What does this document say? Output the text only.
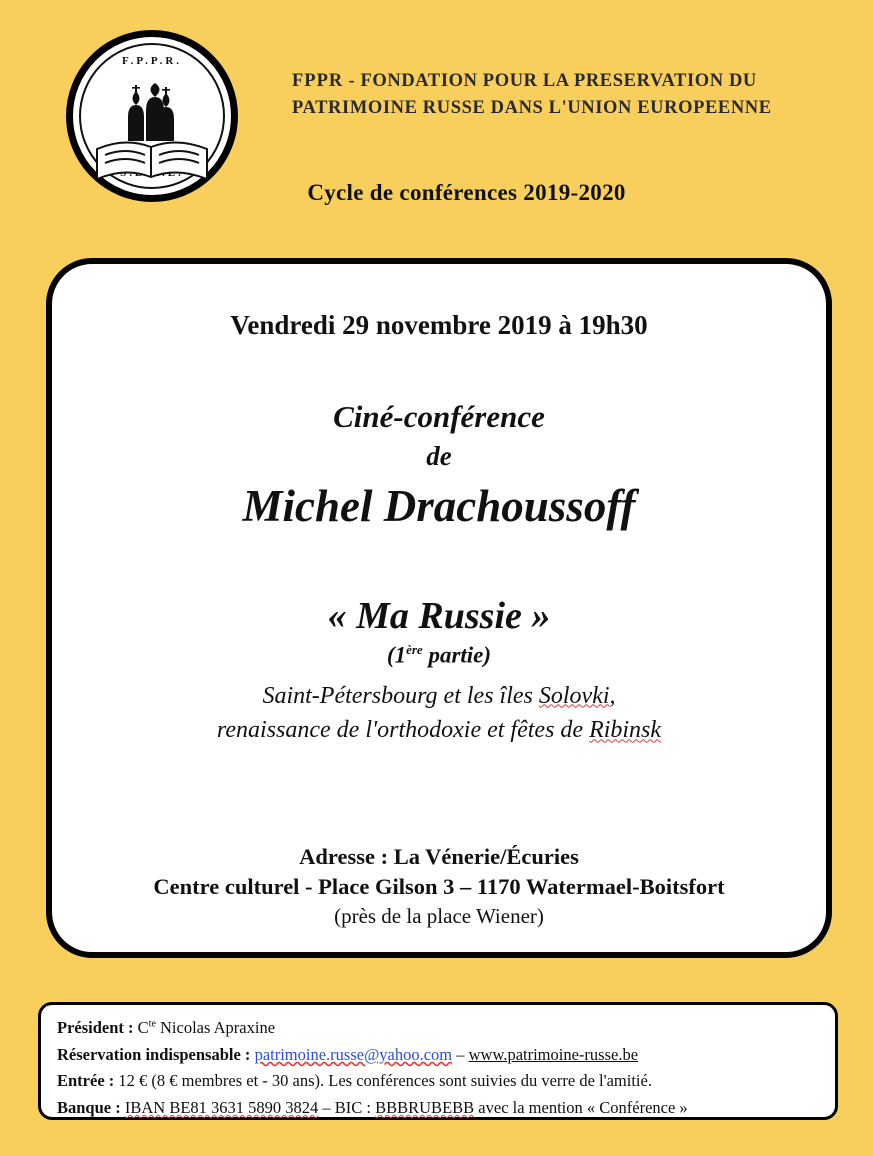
F.P.P.R.
FPPR - FONDATION POUR LA PRESERVATION DU
PATRIMOINE RUSSE DANS L'UNION EUROPEENNE
Cycle de conférences 2019-2020
Vendredi 29 novembre 2019 à 19h30
Ciné-conférence
de
Michel Drachoussoff
« Ma Russie »
(1ère partie)
Saint-Pétersbourg et les îles Solovki,
renaissance de l'orthodoxie et fêtes de Ribinsk
Adresse : La Vénerie/Écuries
Centre culturel - Place Gilson 3 – 1170 Watermael-Boitsfort
(près de la place Wiener)
Président : $C^{te}$ Nicolas Apraxine
Réservation indispensable : patrimoine.russe@yahoo.com – www.patrimoine-russe.be
Entrée : 12 € (8 € membres et - 30 ans). Les conférences sont suivies du verre de l'amitié.
Banque : IBAN BE81 3631 5890 3824 – BIC : BBBRUBEBB avec la mention « Conférence »
